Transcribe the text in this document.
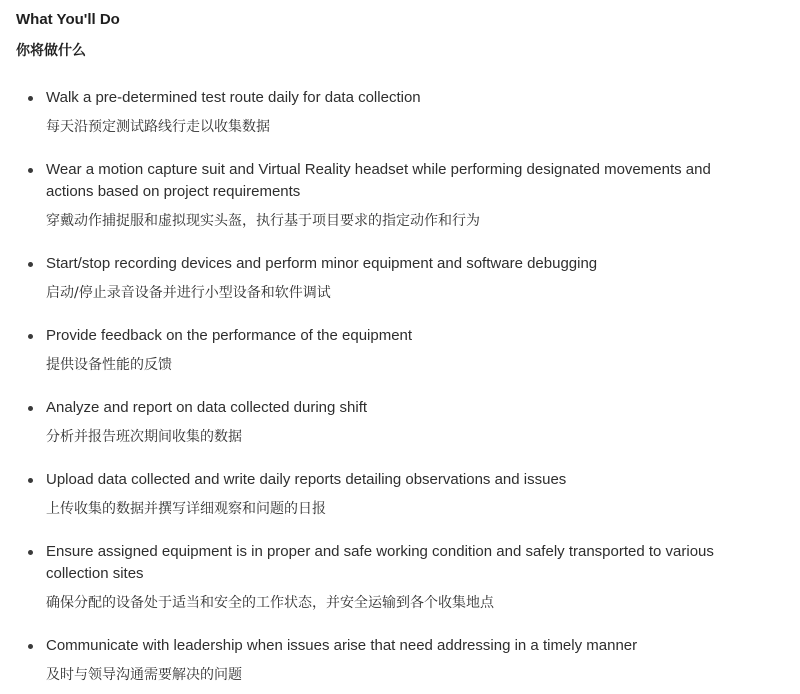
What You'll Do
你将做什么

Walk a pre-determined test route daily for data collection

每天沿预定测试路线行走以收集数据

Wear a motion capture suit and Virtual Reality headset while performing designated movements and actions based on project requirements

穿戴动作捕捉服和虚拟现实头盔，执行基于项目要求的指定动作和行为

Start/stop recording devices and perform minor equipment and software debugging

启动/停止录音设备并进行小型设备和软件调试

Provide feedback on the performance of the equipment

提供设备性能的反馈

Analyze and report on data collected during shift

分析并报告班次期间收集的数据

Upload data collected and write daily reports detailing observations and issues

上传收集的数据并撰写详细观察和问题的日报

Ensure assigned equipment is in proper and safe working condition and safely transported to various collection sites

确保分配的设备处于适当和安全的工作状态，并安全运输到各个收集地点

Communicate with leadership when issues arise that need addressing in a timely manner

及时与领导沟通需要解决的问题
